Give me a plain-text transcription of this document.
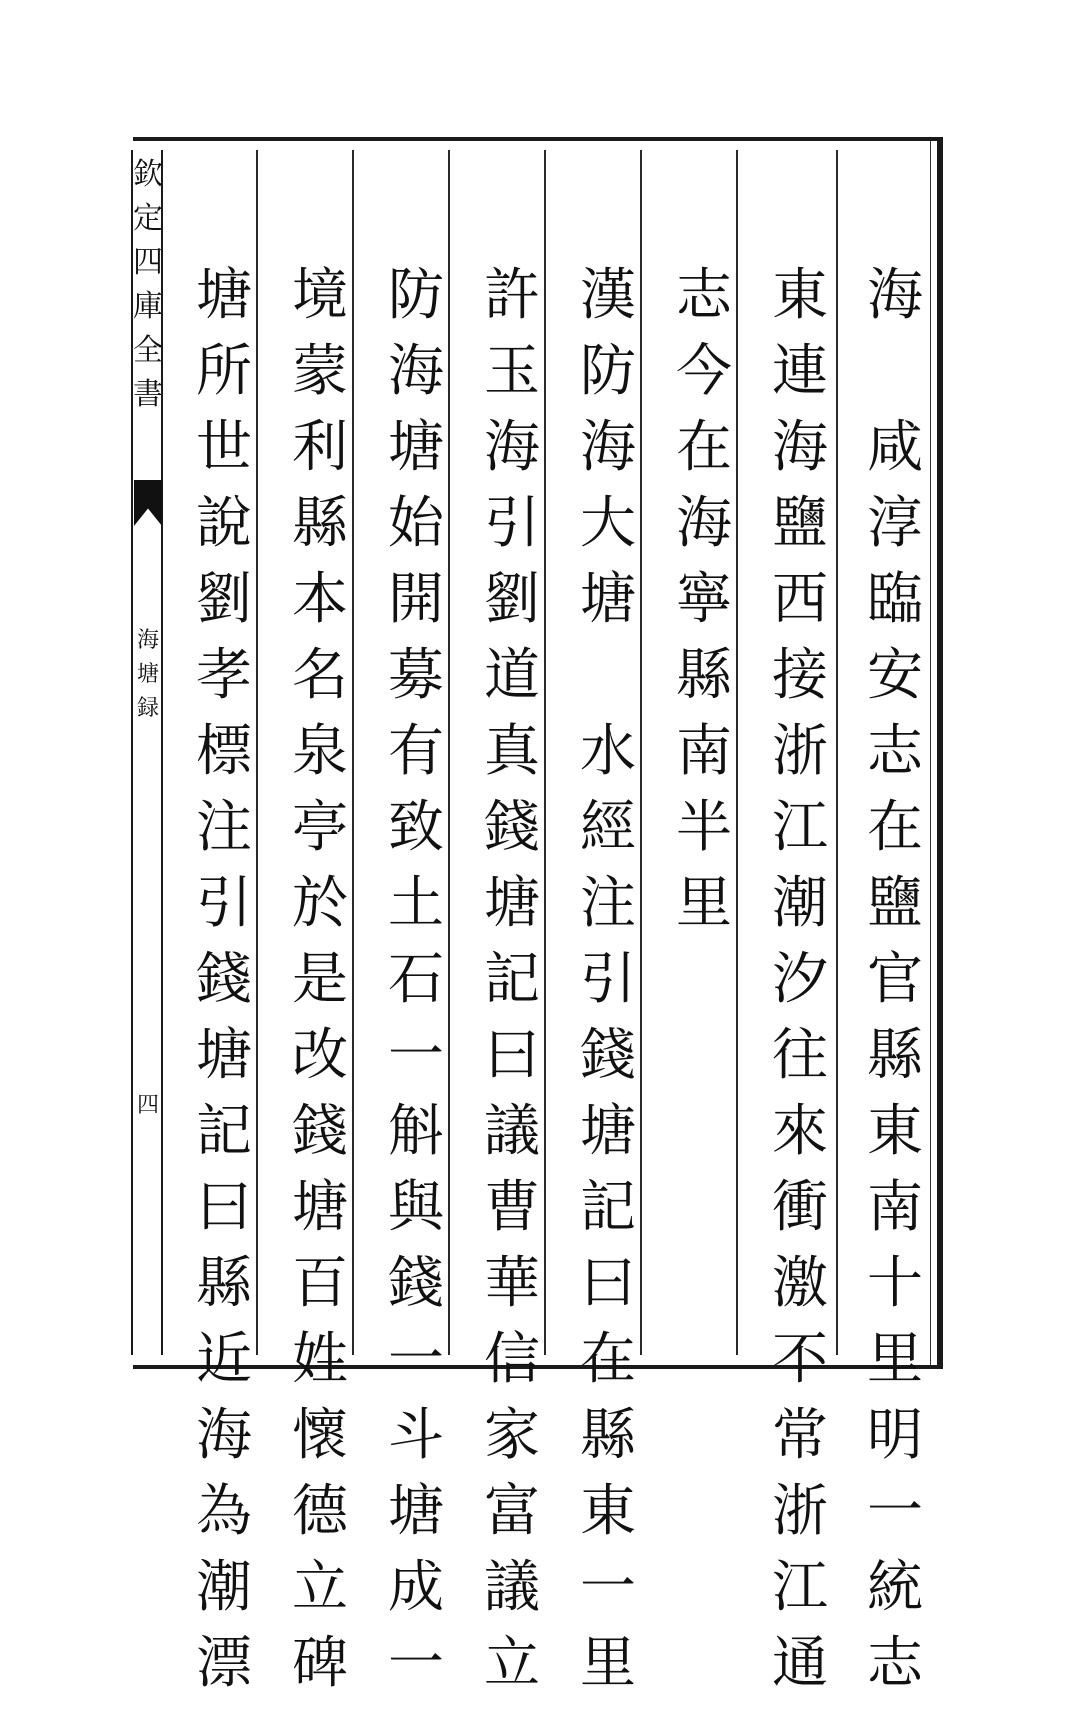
欽
定
四
庫
全
書
海
塘
録
四
海
咸
淳
臨
安
志
在
鹽
官
縣
東
南
十
里
明
一
統
志
東
連
海
鹽
西
接
浙
江
潮
汐
往
來
衝
激
不
常
浙
江
通
志
今
在
海
寧
縣
南
半
里
漢
防
海
大
塘
水
經
注
引
錢
塘
記
曰
在
縣
東
一
里
許
玉
海
引
劉
道
真
錢
塘
記
曰
議
曹
華
信
家
富
議
立
防
海
塘
始
開
募
有
致
土
石
一
斛
與
錢
一
斗
塘
成
一
境
蒙
利
縣
本
名
泉
亭
於
是
改
錢
塘
百
姓
懷
德
立
碑
塘
所
世
說
劉
孝
標
注
引
錢
塘
記
曰
縣
近
海
為
潮
漂
